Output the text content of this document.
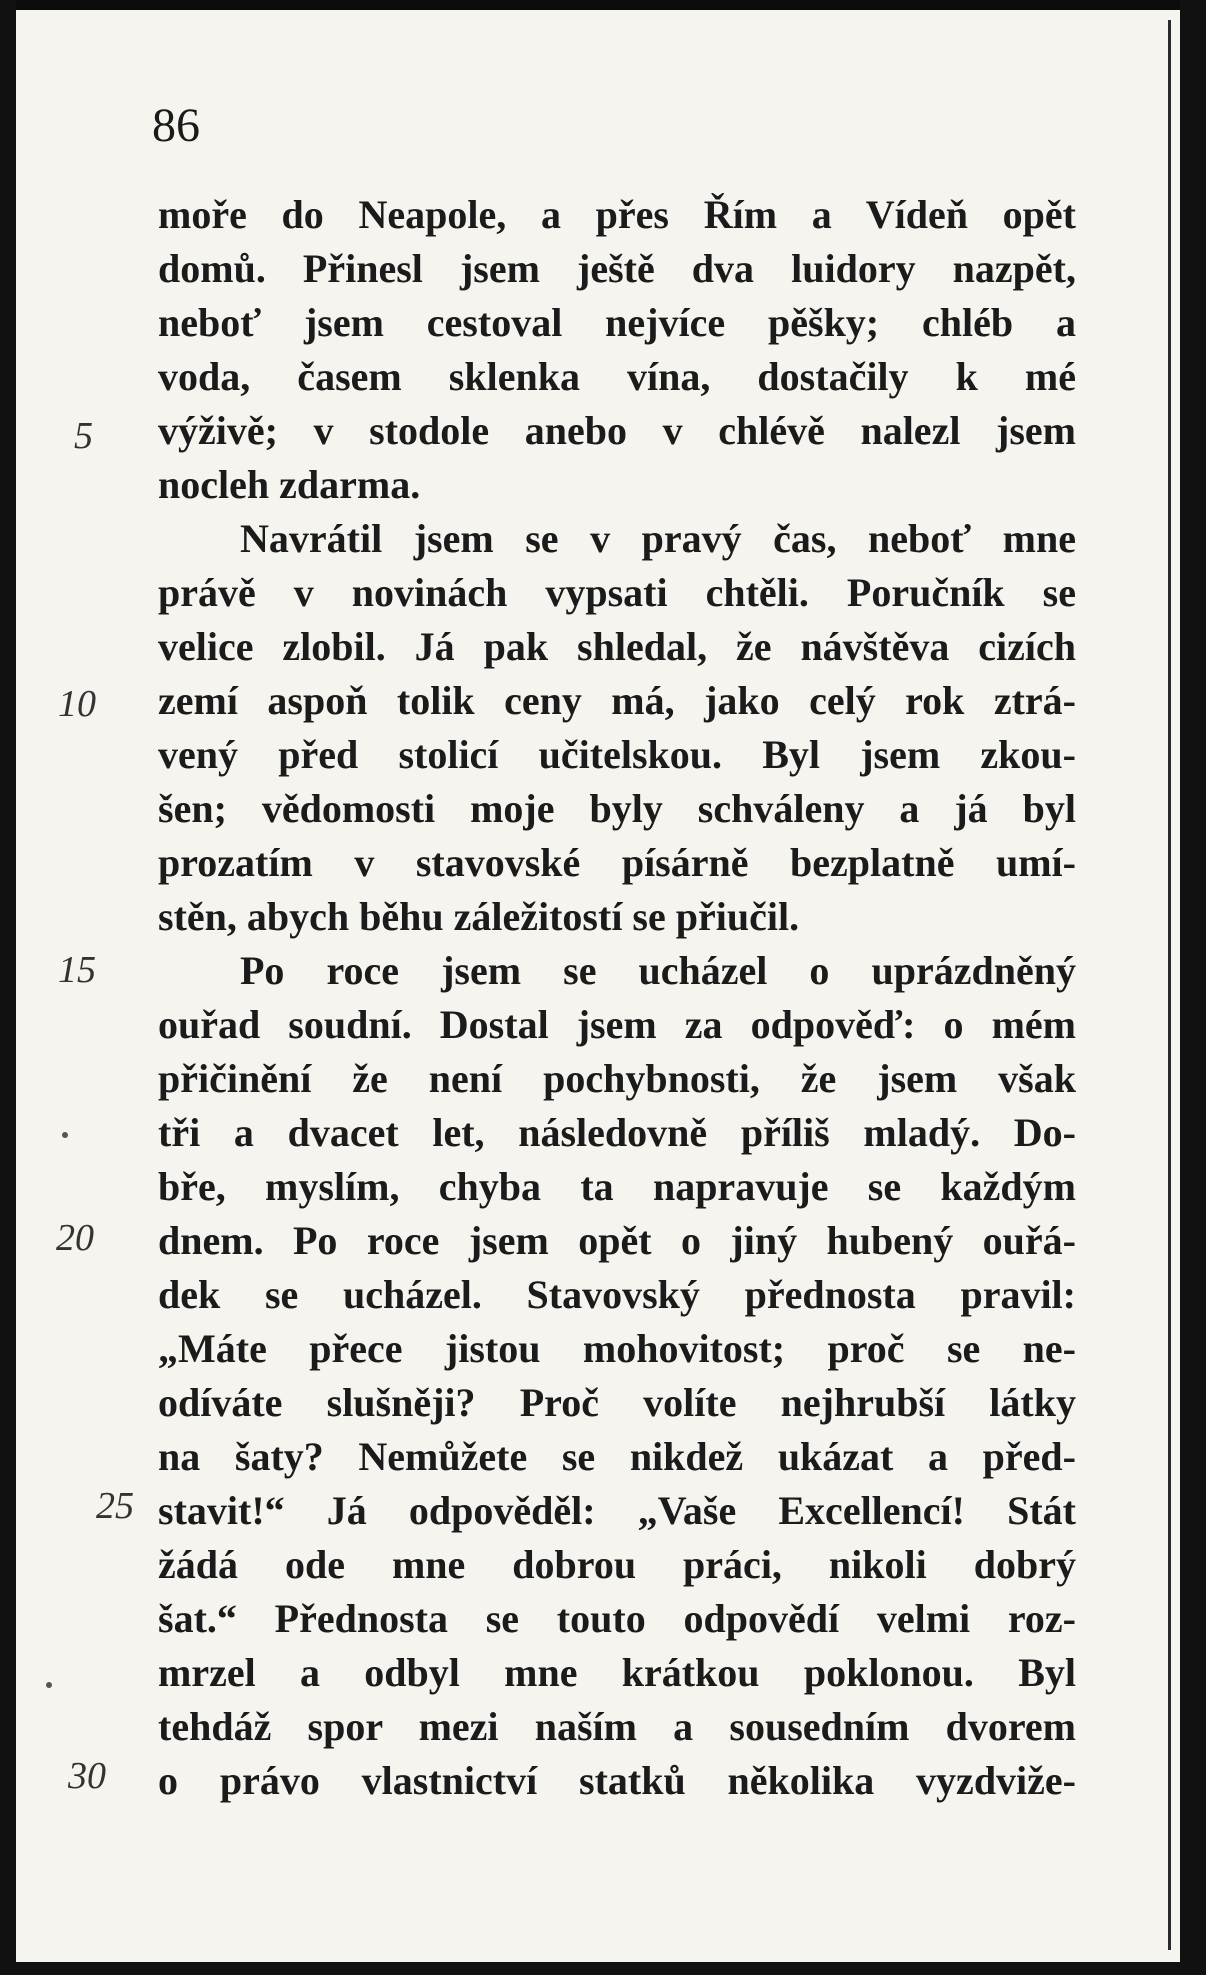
86
5
10
15
20
25
30
moře do Neapole, a přes Řím a Vídeň opět
domů. Přinesl jsem ještě dva luidory nazpět,
neboť jsem cestoval nejvíce pěšky; chléb a
voda, časem sklenka vína, dostačily k mé
výživě; v stodole anebo v chlévě nalezl jsem
nocleh zdarma.
Navrátil jsem se v pravý čas, neboť mne
právě v novinách vypsati chtěli. Poručník se
velice zlobil. Já pak shledal, že návštěva cizích
zemí aspoň tolik ceny má, jako celý rok ztrá-
vený před stolicí učitelskou. Byl jsem zkou-
šen; vědomosti moje byly schváleny a já byl
prozatím v stavovské písárně bezplatně umí-
stěn, abych běhu záležitostí se přiučil.
Po roce jsem se ucházel o uprázdněný
ouřad soudní. Dostal jsem za odpověď: o mém
přičinění že není pochybnosti, že jsem však
tři a dvacet let, následovně příliš mladý. Do-
bře, myslím, chyba ta napravuje se každým
dnem. Po roce jsem opět o jiný hubený ouřá-
dek se ucházel. Stavovský přednosta pravil:
„Máte přece jistou mohovitost; proč se ne-
odíváte slušněji? Proč volíte nejhrubší látky
na šaty? Nemůžete se nikdež ukázat a před-
stavit!“ Já odpověděl: „Vaše Excellencí! Stát
žádá ode mne dobrou práci, nikoli dobrý
šat.“ Přednosta se touto odpovědí velmi roz-
mrzel a odbyl mne krátkou poklonou. Byl
tehdáž spor mezi naším a sousedním dvorem
o právo vlastnictví statků několika vyzdviže-
